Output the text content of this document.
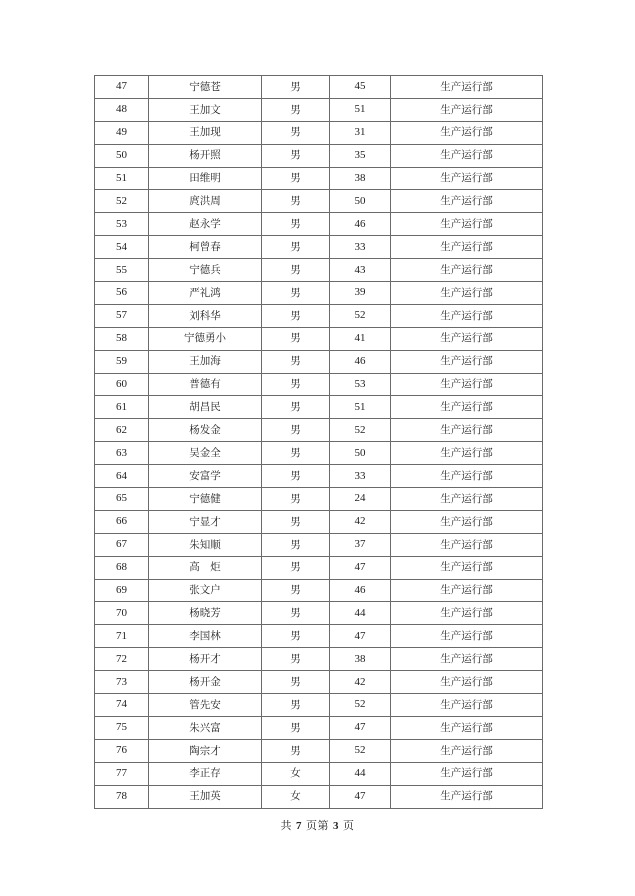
47	宁德苍	男	45	生产运行部
48	王加文	男	51	生产运行部
49	王加现	男	31	生产运行部
50	杨开照	男	35	生产运行部
51	田维明	男	38	生产运行部
52	庹洪周	男	50	生产运行部
53	赵永学	男	46	生产运行部
54	柯曾春	男	33	生产运行部
55	宁德兵	男	43	生产运行部
56	严礼鸿	男	39	生产运行部
57	刘科华	男	52	生产运行部
58	宁德勇小	男	41	生产运行部
59	王加海	男	46	生产运行部
60	普德有	男	53	生产运行部
61	胡昌民	男	51	生产运行部
62	杨发金	男	52	生产运行部
63	吴金全	男	50	生产运行部
64	安富学	男	33	生产运行部
65	宁德健	男	24	生产运行部
66	宁显才	男	42	生产运行部
67	朱知顺	男	37	生产运行部
68	高　炬	男	47	生产运行部
69	张文户	男	46	生产运行部
70	杨晓芳	男	44	生产运行部
71	李国林	男	47	生产运行部
72	杨开才	男	38	生产运行部
73	杨开金	男	42	生产运行部
74	管先安	男	52	生产运行部
75	朱兴富	男	47	生产运行部
76	陶宗才	男	52	生产运行部
77	李正存	女	44	生产运行部
78	王加英	女	47	生产运行部
共 7 页第 3 页
